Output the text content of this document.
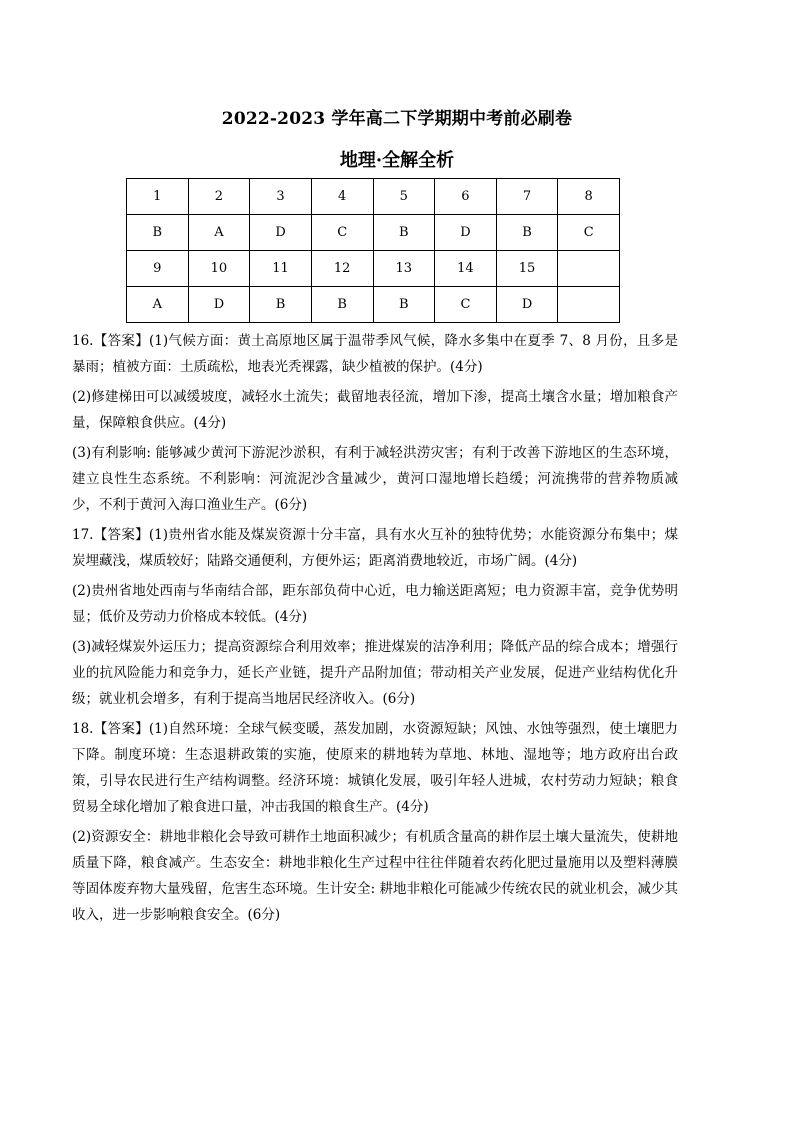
2022-2023 学年高二下学期期中考前必刷卷
地理·全解全析
1	2	3	4	5	6	7	8
B	A	D	C	B	D	B	C
9	10	11	12	13	14	15	
A	D	B	B	B	C	D	

16.【答案】(1)气候方面：黄土高原地区属于温带季风气候，降水多集中在夏季 7、8 月份，且多是暴雨；植被方面：土质疏松，地表光秃裸露，缺少植被的保护。(4分)

(2)修建梯田可以减缓坡度，减轻水土流失；截留地表径流，增加下渗，提高土壤含水量；增加粮食产量，保障粮食供应。(4分)

(3)有利影响: 能够减少黄河下游泥沙淤积，有利于减轻洪涝灾害；有利于改善下游地区的生态环境，建立良性生态系统。不利影响：河流泥沙含量减少，黄河口湿地增长趋缓；河流携带的营养物质减少，不利于黄河入海口渔业生产。(6分)

17.【答案】(1)贵州省水能及煤炭资源十分丰富，具有水火互补的独特优势；水能资源分布集中；煤炭埋藏浅，煤质较好；陆路交通便利，方便外运；距离消费地较近，市场广阔。(4分)

(2)贵州省地处西南与华南结合部，距东部负荷中心近，电力输送距离短；电力资源丰富，竞争优势明显；低价及劳动力价格成本较低。(4分)

(3)减轻煤炭外运压力；提高资源综合利用效率；推进煤炭的洁净利用；降低产品的综合成本；增强行业的抗风险能力和竞争力，延长产业链，提升产品附加值；带动相关产业发展，促进产业结构优化升级；就业机会增多，有利于提高当地居民经济收入。(6分)

18.【答案】(1)自然环境：全球气候变暖，蒸发加剧，水资源短缺；风蚀、水蚀等强烈，使土壤肥力下降。制度环境：生态退耕政策的实施，使原来的耕地转为草地、林地、湿地等；地方政府出台政策，引导农民进行生产结构调整。经济环境：城镇化发展，吸引年轻人进城，农村劳动力短缺；粮食贸易全球化增加了粮食进口量，冲击我国的粮食生产。(4分)

(2)资源安全：耕地非粮化会导致可耕作土地面积减少；有机质含量高的耕作层土壤大量流失，使耕地质量下降，粮食减产。生态安全：耕地非粮化生产过程中往往伴随着农药化肥过量施用以及塑料薄膜等固体废弃物大量残留，危害生态环境。生计安全: 耕地非粮化可能减少传统农民的就业机会，减少其收入，进一步影响粮食安全。(6分)
